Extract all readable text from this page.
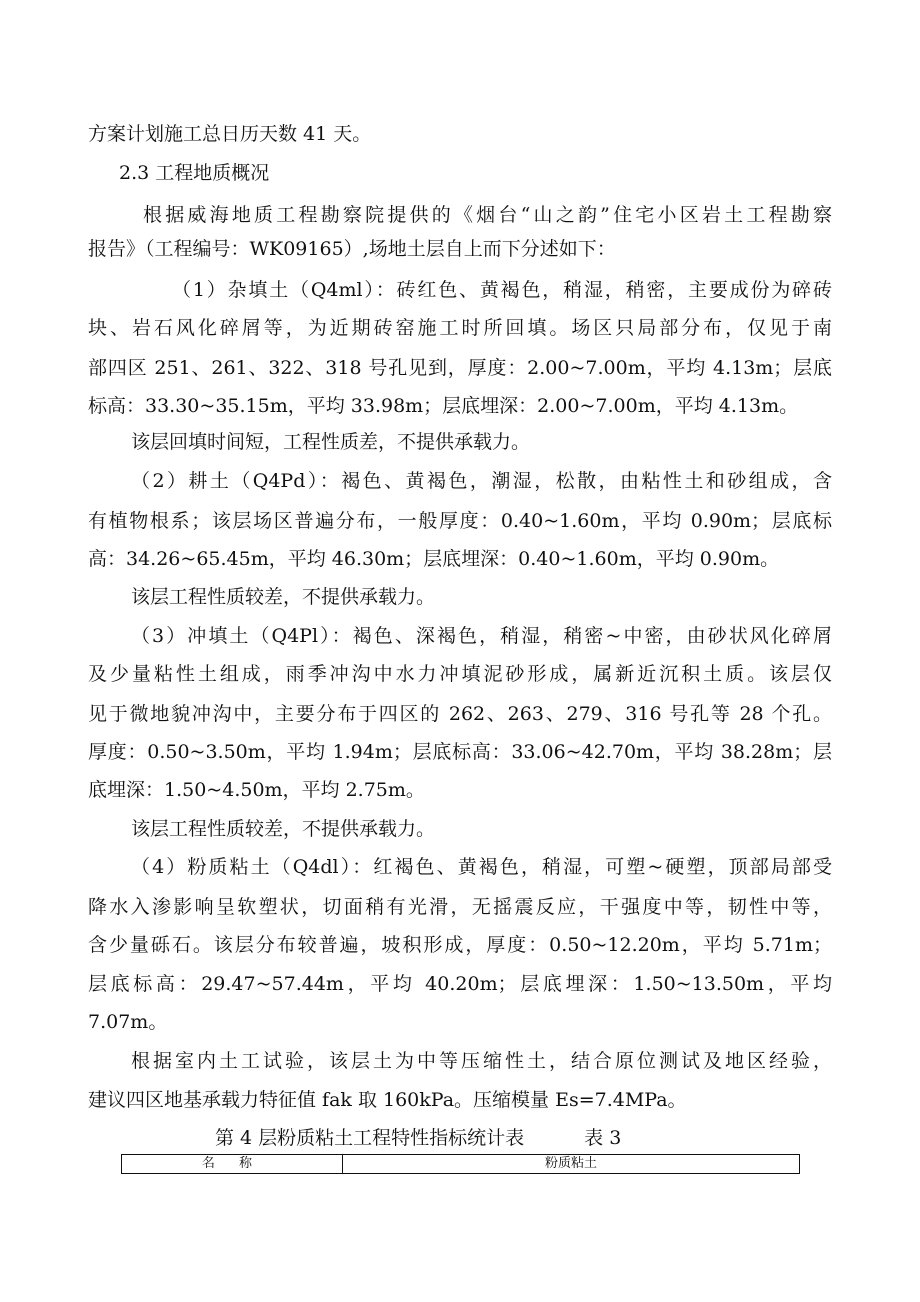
方案计划施工总日历天数 41 天。
2.3 工程地质概况
根据威海地质工程勘察院提供的《烟台“山之韵”住宅小区岩土工程勘察
报告》（工程编号：WK09165）,场地土层自上而下分述如下：
（1）杂填土（Q4ml）：砖红色、黄褐色，稍湿，稍密，主要成份为碎砖
块、岩石风化碎屑等，为近期砖窑施工时所回填。场区只局部分布，仅见于南
部四区 251、261、322、318 号孔见到，厚度：2.00~7.00m，平均 4.13m；层底
标高：33.30~35.15m，平均 33.98m；层底埋深：2.00~7.00m，平均 4.13m。
该层回填时间短，工程性质差，不提供承载力。
（2）耕土（Q4Pd）：褐色、黄褐色，潮湿，松散，由粘性土和砂组成，含
有植物根系；该层场区普遍分布，一般厚度：0.40~1.60m，平均 0.90m；层底标
高：34.26~65.45m，平均 46.30m；层底埋深：0.40~1.60m，平均 0.90m。
该层工程性质较差，不提供承载力。
（3）冲填土（Q4Pl）：褐色、深褐色，稍湿，稍密~中密，由砂状风化碎屑
及少量粘性土组成，雨季冲沟中水力冲填泥砂形成，属新近沉积土质。该层仅
见于微地貌冲沟中，主要分布于四区的 262、263、279、316 号孔等 28 个孔。
厚度：0.50~3.50m，平均 1.94m；层底标高：33.06~42.70m，平均 38.28m；层
底埋深：1.50~4.50m，平均 2.75m。
该层工程性质较差，不提供承载力。
（4）粉质粘土（Q4dl）：红褐色、黄褐色，稍湿，可塑~硬塑，顶部局部受
降水入渗影响呈软塑状，切面稍有光滑，无摇震反应，干强度中等，韧性中等，
含少量砾石。该层分布较普遍，坡积形成，厚度：0.50~12.20m，平均 5.71m；
层底标高：29.47~57.44m，平均 40.20m；层底埋深：1.50~13.50m，平均
7.07m。
根据室内土工试验，该层土为中等压缩性土，结合原位测试及地区经验，
建议四区地基承载力特征值 fak 取 160kPa。压缩模量 Es=7.4MPa。
第 4 层粉质粘土工程特性指标统计表	表 3
名 称	粉质粘土
